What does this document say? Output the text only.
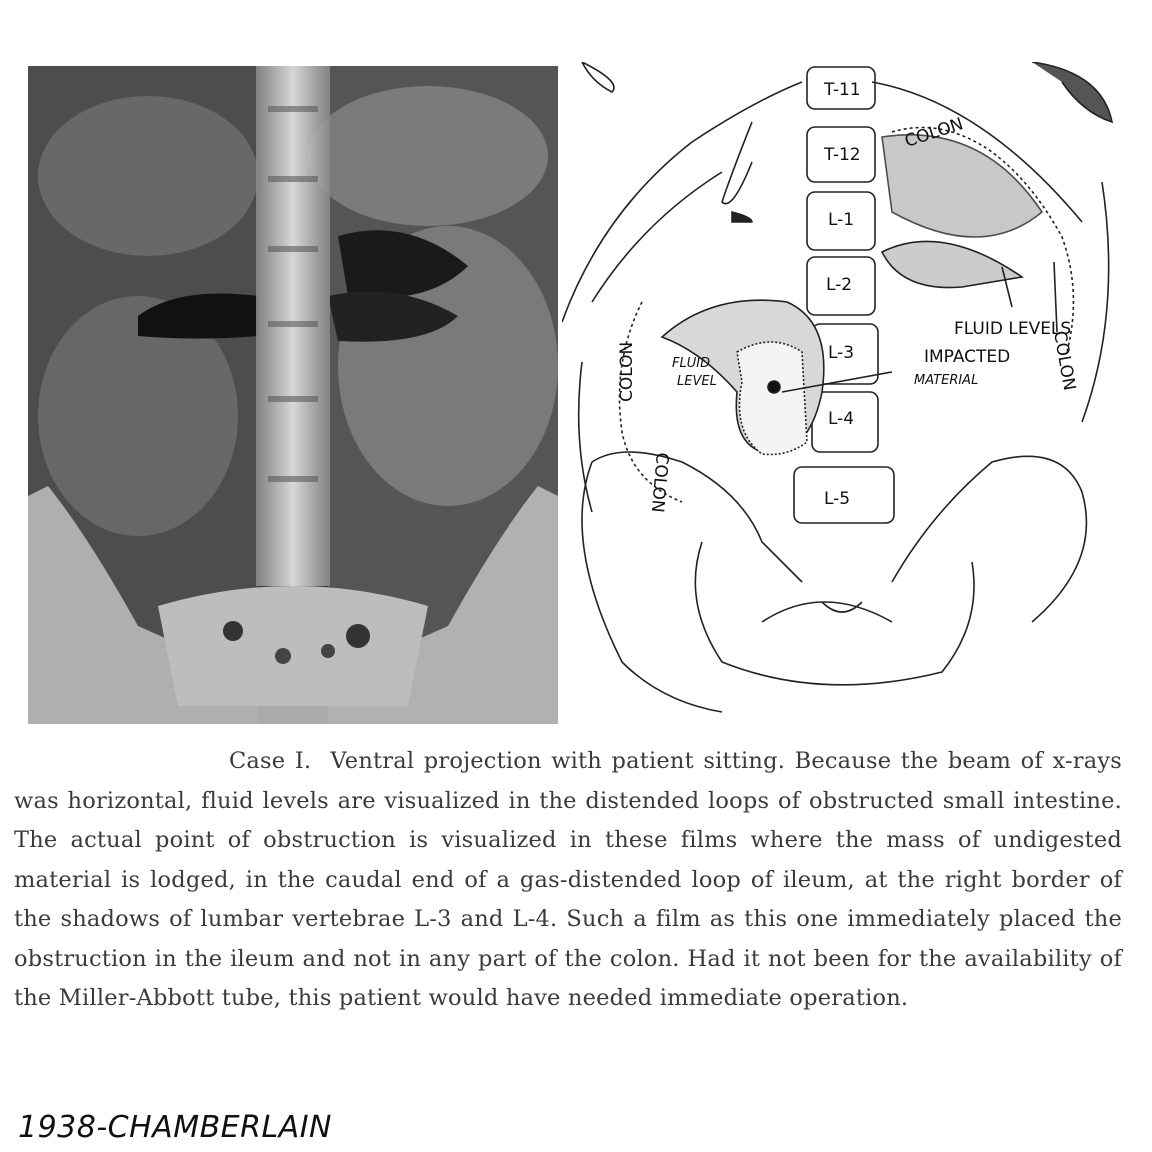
T-11
T-12
L-1
L-2
L-3
L-4
L-5
COLON
COLON	COLON
COLON
FLUID LEVELS
FLUID
LEVEL
IMPACTED
MATERIAL
Case I. Ventral projection with patient sitting. Because the beam of x-rays was horizontal, fluid levels are visualized in the distended loops of obstructed small intestine. The actual point of obstruction is visualized in these films where the mass of undigested material is lodged, in the caudal end of a gas-distended loop of ileum, at the right border of the shadows of lumbar vertebrae L-3 and L-4. Such a film as this one immediately placed the obstruction in the ileum and not in any part of the colon. Had it not been for the availability of the Miller-Abbott tube, this patient would have needed immediate operation.
1938-CHAMBERLAIN
